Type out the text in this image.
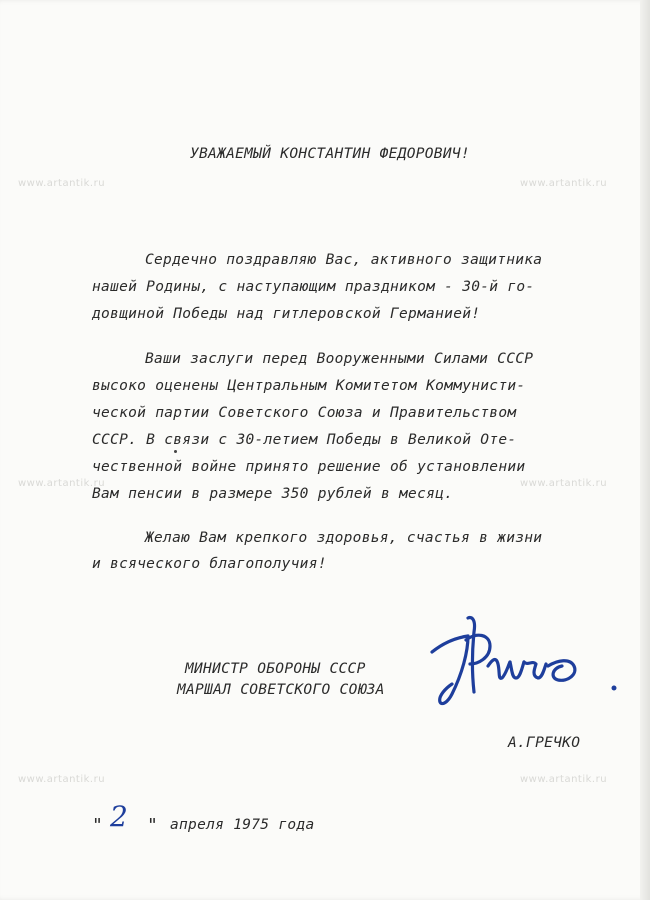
www.artantik.ru	www.artantik.ru
www.artantik.ru	www.artantik.ru
www.artantik.ru	www.artantik.ru
УВАЖАЕМЫЙ КОНСТАНТИН ФЕДОРОВИЧ!
Сердечно поздравляю Вас, активного защитника
нашей Родины, с наступающим праздником - 30-й го-
довщиной Победы над гитлеровской Германией!
Ваши заслуги перед Вооруженными Силами СССР
высоко оценены Центральным Комитетом Коммунисти-
ческой партии Советского Союза и Правительством
СССР. В связи с 30-летием Победы в Великой Оте-
чественной войне принято решение об установлении
Вам пенсии в размере 350 рублей в месяц.
Желаю Вам крепкого здоровья, счастья в жизни
и всяческого благополучия!
МИНИСТР ОБОРОНЫ СССР
МАРШАЛ СОВЕТСКОГО СОЮЗА
А.ГРЕЧКО
" 2 " апреля 1975 года
